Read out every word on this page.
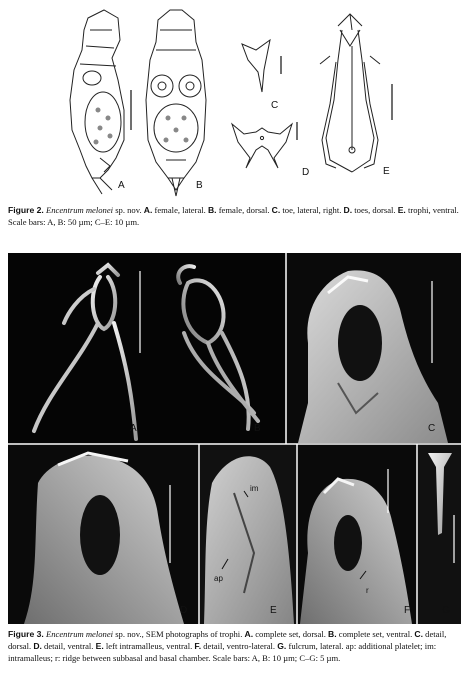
A	B
C
D	E
Figure 2. Encentrum melonei sp. nov. A. female, lateral. B. female, dorsal. C. toe, lateral, right. D. toes, dorsal. E. trophi, ventral. Scale bars: A, B: 50 µm; C–E: 10 µm.
A	B	C
D	E	F	G
im
ap
r
Figure 3. Encentrum melonei sp. nov., SEM photographs of trophi. A. complete set, dorsal. B. complete set, ventral. C. detail, dorsal. D. detail, ventral. E. left intramalleus, ventral. F. detail, ventro-lateral. G. fulcrum, lateral. ap: additional platelet; im: intramalleus; r: ridge between subbasal and basal chamber. Scale bars: A, B: 10 µm; C–G: 5 µm.
